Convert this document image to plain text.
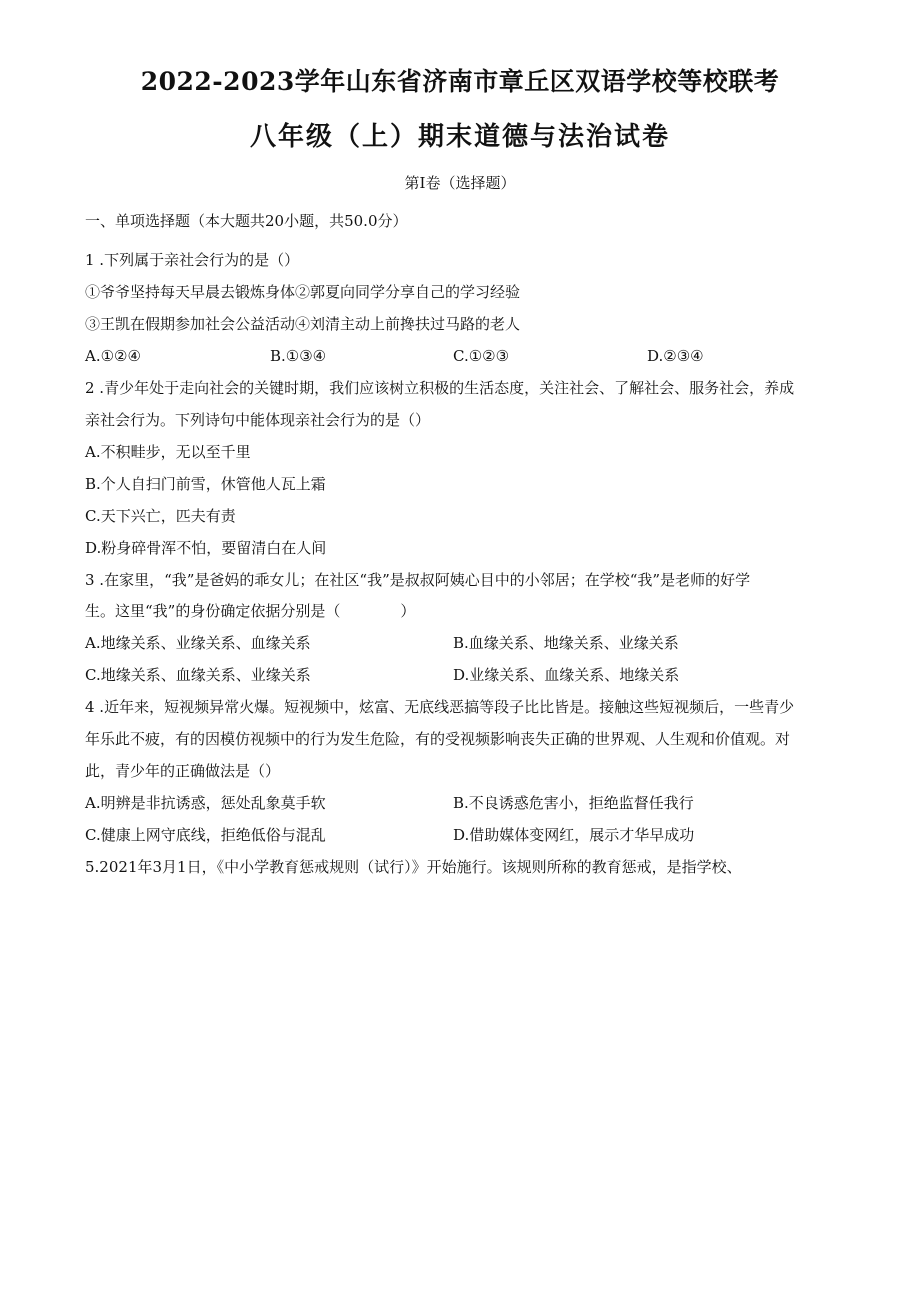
2022-2023学年山东省济南市章丘区双语学校等校联考
八年级（上）期末道德与法治试卷
第I卷（选择题）
一、单项选择题（本大题共20小题，共50.0分）
1 .下列属于亲社会行为的是（）
①爷爷坚持每天早晨去锻炼身体②郭夏向同学分享自己的学习经验
③王凯在假期参加社会公益活动④刘清主动上前搀扶过马路的老人
A.①②④	B.①③④	C.①②③	D.②③④
2 .青少年处于走向社会的关键时期，我们应该树立积极的生活态度，关注社会、了解社会、服务社会，养成
亲社会行为。下列诗句中能体现亲社会行为的是（）
A.不积畦步，无以至千里
B.个人自扫门前雪，休管他人瓦上霜
C.天下兴亡，匹夫有责
D.粉身碎骨浑不怕，要留清白在人间
3 .在家里，“我”是爸妈的乖女儿；在社区“我”是叔叔阿姨心目中的小邻居；在学校“我”是老师的好学
生。这里“我”的身份确定依据分别是（　　　　）
A.地缘关系、业缘关系、血缘关系	B.血缘关系、地缘关系、业缘关系
C.地缘关系、血缘关系、业缘关系	D.业缘关系、血缘关系、地缘关系
4 .近年来，短视频异常火爆。短视频中，炫富、无底线恶搞等段子比比皆是。接触这些短视频后，一些青少
年乐此不疲，有的因模仿视频中的行为发生危险，有的受视频影响丧失正确的世界观、人生观和价值观。对
此，青少年的正确做法是（）
A.明辨是非抗诱惑，惩处乱象莫手软	B.不良诱惑危害小，拒绝监督任我行
C.健康上网守底线，拒绝低俗与混乱	D.借助媒体变网红，展示才华早成功
5.2021年3月1日，《中小学教育惩戒规则（试行）》开始施行。该规则所称的教育惩戒，是指学校、
